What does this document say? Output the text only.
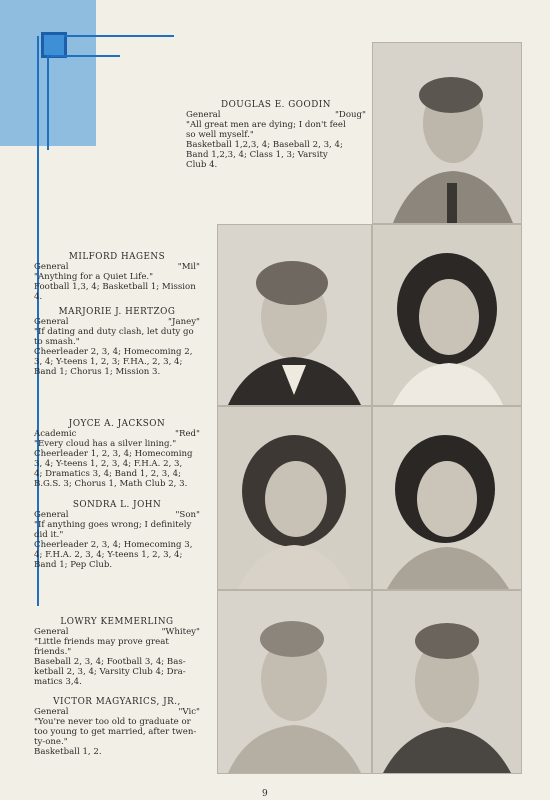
DOUGLAS E. GOODIN
General	"Doug"
"All great men are dying; I don't feel
so well myself."
Basketball 1,2,3, 4; Baseball 2, 3, 4;
Band 1,2,3, 4; Class 1, 3; Varsity
Club 4.
MILFORD HAGENS
General	"Mil"
"Anything for a Quiet Life."
Football 1,3, 4; Basketball 1; Mission
4.
MARJORIE J. HERTZOG
General	"Janey"
"If dating and duty clash, let duty go
to smash."
Cheerleader 2, 3, 4; Homecoming 2,
3, 4; Y-teens 1, 2, 3; F.HA., 2, 3, 4;
Band 1; Chorus 1; Mission 3.
JOYCE A. JACKSON
Academic	"Red"
"Every cloud has a silver lining."
Cheerleader 1, 2, 3, 4; Homecoming
3, 4; Y-teens 1, 2, 3, 4; F.H.A. 2, 3,
4; Dramatics 3, 4; Band 1, 2, 3, 4;
B.G.S. 3; Chorus 1, Math Club 2, 3.
SONDRA L. JOHN
General	"Son"
"If anything goes wrong; I definitely
did it."
Cheerleader 2, 3, 4; Homecoming 3,
4; F.H.A. 2, 3, 4; Y-teens 1, 2, 3, 4;
Band 1; Pep Club.
LOWRY KEMMERLING
General	"Whitey"
"Little friends may prove great
friends."
Baseball 2, 3, 4; Football 3, 4; Bas-
ketball 2, 3, 4; Varsity Club 4; Dra-
matics 3,4.
VICTOR MAGYARICS, JR.,
General	"Vic"
"You're never too old to graduate or
too young to get married, after twen-
ty-one."
Basketball 1, 2.
9
